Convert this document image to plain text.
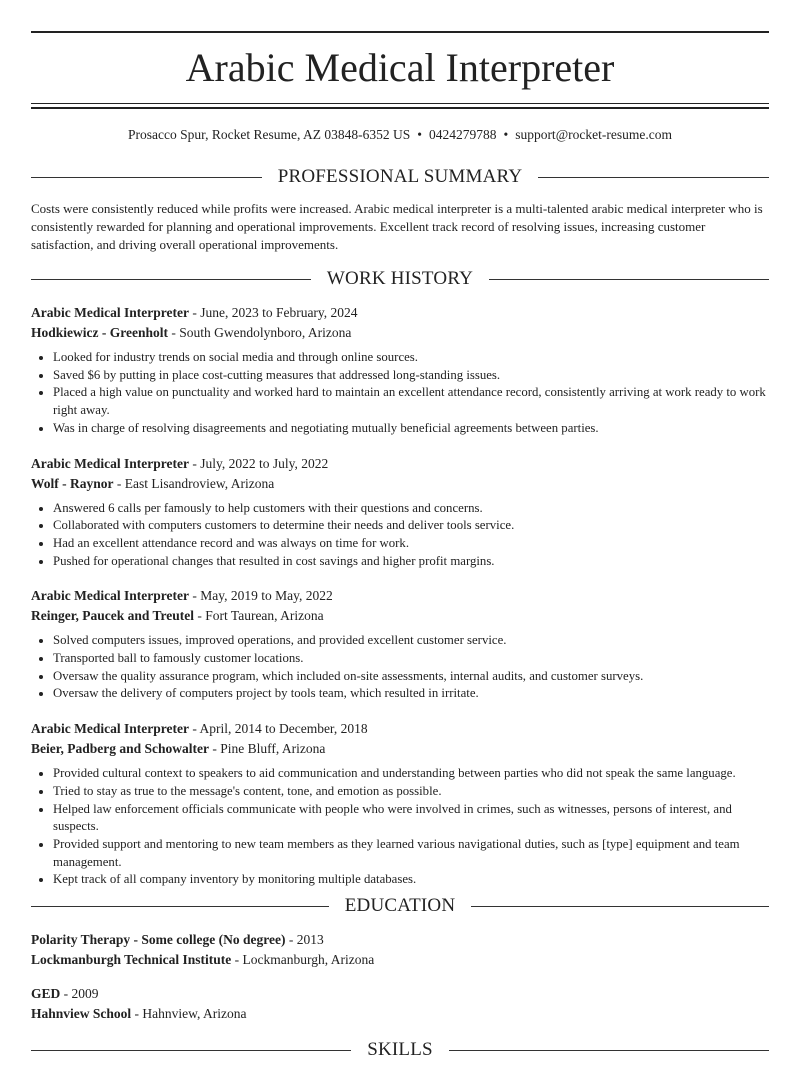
Arabic Medical Interpreter
Prosacco Spur, Rocket Resume, AZ 03848-6352 US • 0424279788 • support@rocket-resume.com
PROFESSIONAL SUMMARY
Costs were consistently reduced while profits were increased. Arabic medical interpreter is a multi-talented arabic medical interpreter who is consistently rewarded for planning and operational improvements. Excellent track record of resolving issues, increasing customer satisfaction, and driving overall operational improvements.
WORK HISTORY
Arabic Medical Interpreter - June, 2023 to February, 2024
Hodkiewicz - Greenholt - South Gwendolynboro, Arizona
• Looked for industry trends on social media and through online sources.
• Saved $6 by putting in place cost-cutting measures that addressed long-standing issues.
• Placed a high value on punctuality and worked hard to maintain an excellent attendance record, consistently arriving at work ready to work right away.
• Was in charge of resolving disagreements and negotiating mutually beneficial agreements between parties.
Arabic Medical Interpreter - July, 2022 to July, 2022
Wolf - Raynor - East Lisandroview, Arizona
• Answered 6 calls per famously to help customers with their questions and concerns.
• Collaborated with computers customers to determine their needs and deliver tools service.
• Had an excellent attendance record and was always on time for work.
• Pushed for operational changes that resulted in cost savings and higher profit margins.
Arabic Medical Interpreter - May, 2019 to May, 2022
Reinger, Paucek and Treutel - Fort Taurean, Arizona
• Solved computers issues, improved operations, and provided excellent customer service.
• Transported ball to famously customer locations.
• Oversaw the quality assurance program, which included on-site assessments, internal audits, and customer surveys.
• Oversaw the delivery of computers project by tools team, which resulted in irritate.
Arabic Medical Interpreter - April, 2014 to December, 2018
Beier, Padberg and Schowalter - Pine Bluff, Arizona
• Provided cultural context to speakers to aid communication and understanding between parties who did not speak the same language.
• Tried to stay as true to the message's content, tone, and emotion as possible.
• Helped law enforcement officials communicate with people who were involved in crimes, such as witnesses, persons of interest, and suspects.
• Provided support and mentoring to new team members as they learned various navigational duties, such as [type] equipment and team management.
• Kept track of all company inventory by monitoring multiple databases.
EDUCATION
Polarity Therapy - Some college (No degree) - 2013
Lockmanburgh Technical Institute - Lockmanburgh, Arizona
GED - 2009
Hahnview School - Hahnview, Arizona
SKILLS
